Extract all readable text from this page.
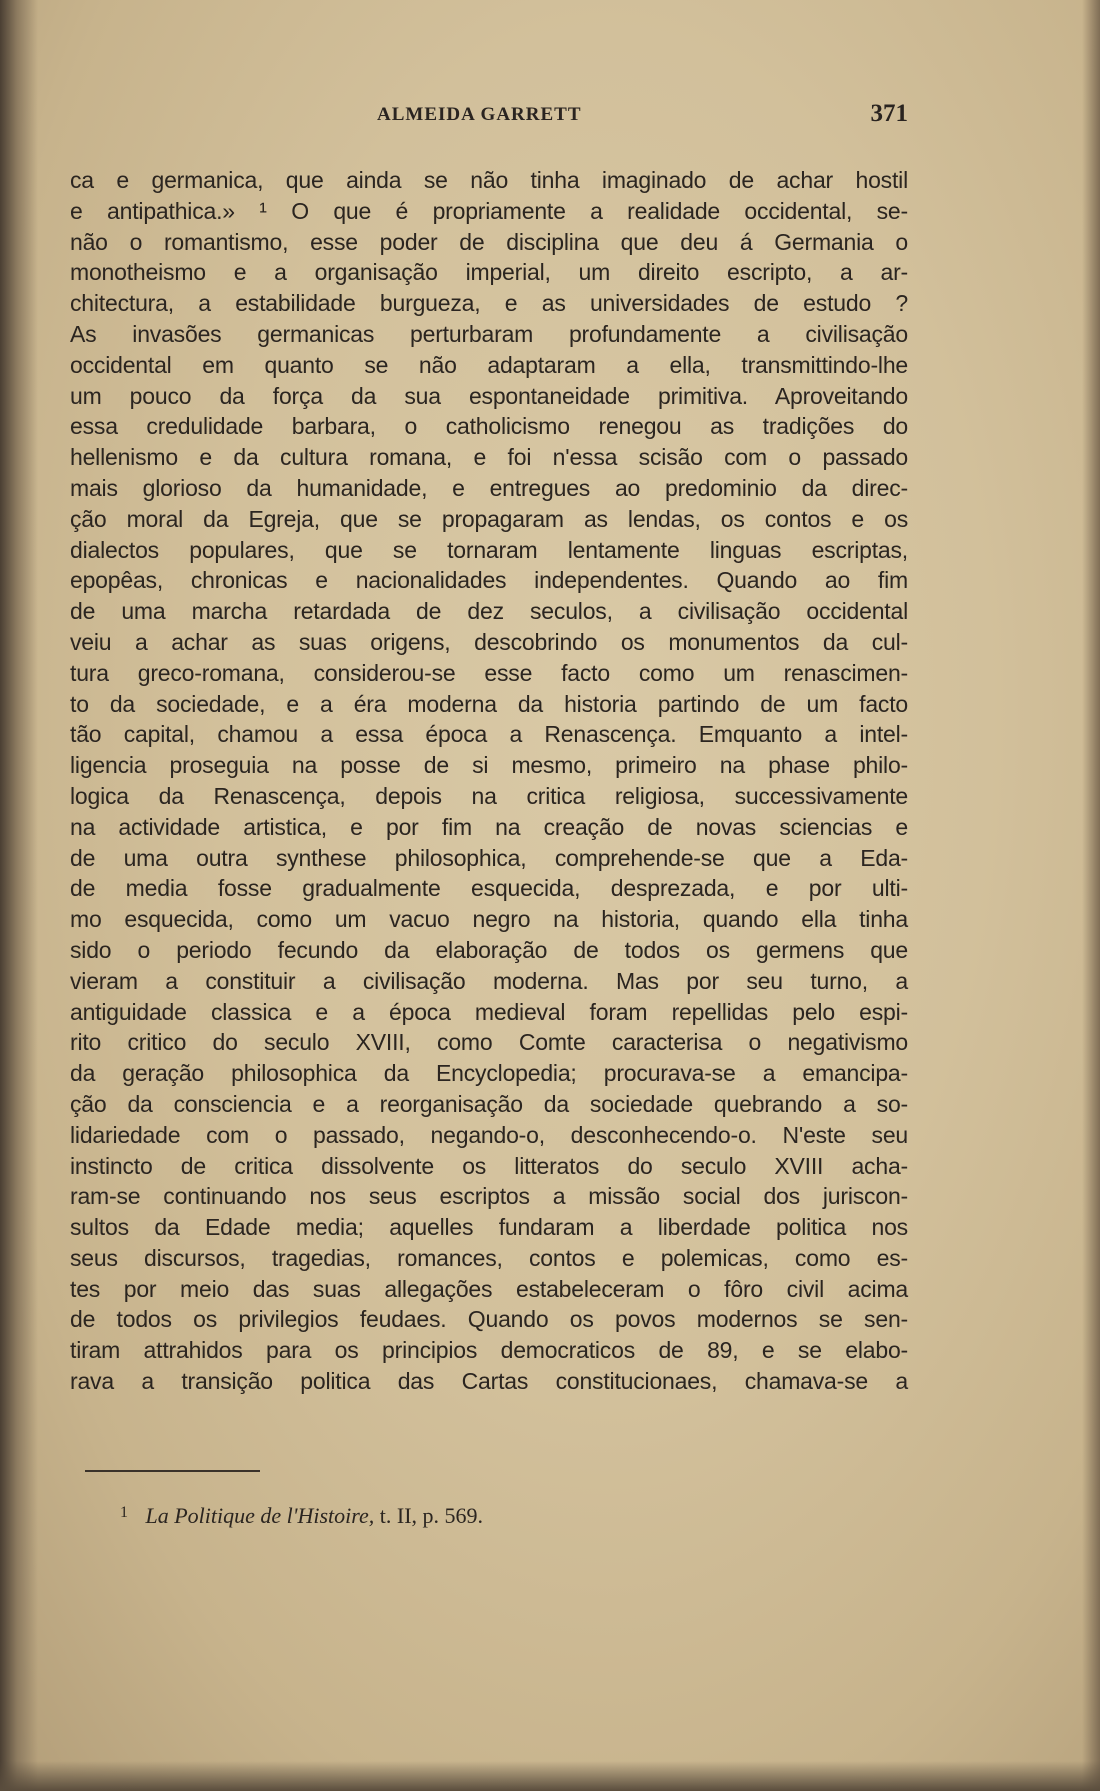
ALMEIDA GARRETT	371
ca e germanica, que ainda se não tinha imaginado de achar hostil
e antipathica.» ¹ O que é propriamente a realidade occidental, se-
não o romantismo, esse poder de disciplina que deu á Germania o
monotheismo e a organisação imperial, um direito escripto, a ar-
chitectura, a estabilidade burgueza, e as universidades de estudo ?
As invasões germanicas perturbaram profundamente a civilisação
occidental em quanto se não adaptaram a ella, transmittindo-lhe
um pouco da força da sua espontaneidade primitiva. Aproveitando
essa credulidade barbara, o catholicismo renegou as tradições do
hellenismo e da cultura romana, e foi n'essa scisão com o passado
mais glorioso da humanidade, e entregues ao predominio da direc-
ção moral da Egreja, que se propagaram as lendas, os contos e os
dialectos populares, que se tornaram lentamente linguas escriptas,
epopêas, chronicas e nacionalidades independentes. Quando ao fim
de uma marcha retardada de dez seculos, a civilisação occidental
veiu a achar as suas origens, descobrindo os monumentos da cul-
tura greco-romana, considerou-se esse facto como um renascimen-
to da sociedade, e a éra moderna da historia partindo de um facto
tão capital, chamou a essa época a Renascença. Emquanto a intel-
ligencia proseguia na posse de si mesmo, primeiro na phase philo-
logica da Renascença, depois na critica religiosa, successivamente
na actividade artistica, e por fim na creação de novas sciencias e
de uma outra synthese philosophica, comprehende-se que a Eda-
de media fosse gradualmente esquecida, desprezada, e por ulti-
mo esquecida, como um vacuo negro na historia, quando ella tinha
sido o periodo fecundo da elaboração de todos os germens que
vieram a constituir a civilisação moderna. Mas por seu turno, a
antiguidade classica e a época medieval foram repellidas pelo espi-
rito critico do seculo XVIII, como Comte caracterisa o negativismo
da geração philosophica da Encyclopedia; procurava-se a emancipa-
ção da consciencia e a reorganisação da sociedade quebrando a so-
lidariedade com o passado, negando-o, desconhecendo-o. N'este seu
instincto de critica dissolvente os litteratos do seculo XVIII acha-
ram-se continuando nos seus escriptos a missão social dos juriscon-
sultos da Edade media; aquelles fundaram a liberdade politica nos
seus discursos, tragedias, romances, contos e polemicas, como es-
tes por meio das suas allegações estabeleceram o fôro civil acima
de todos os privilegios feudaes. Quando os povos modernos se sen-
tiram attrahidos para os principios democraticos de 89, e se elabo-
rava a transição politica das Cartas constitucionaes, chamava-se a
$^1$ La Politique de l'Histoire, t. II, p. 569.
